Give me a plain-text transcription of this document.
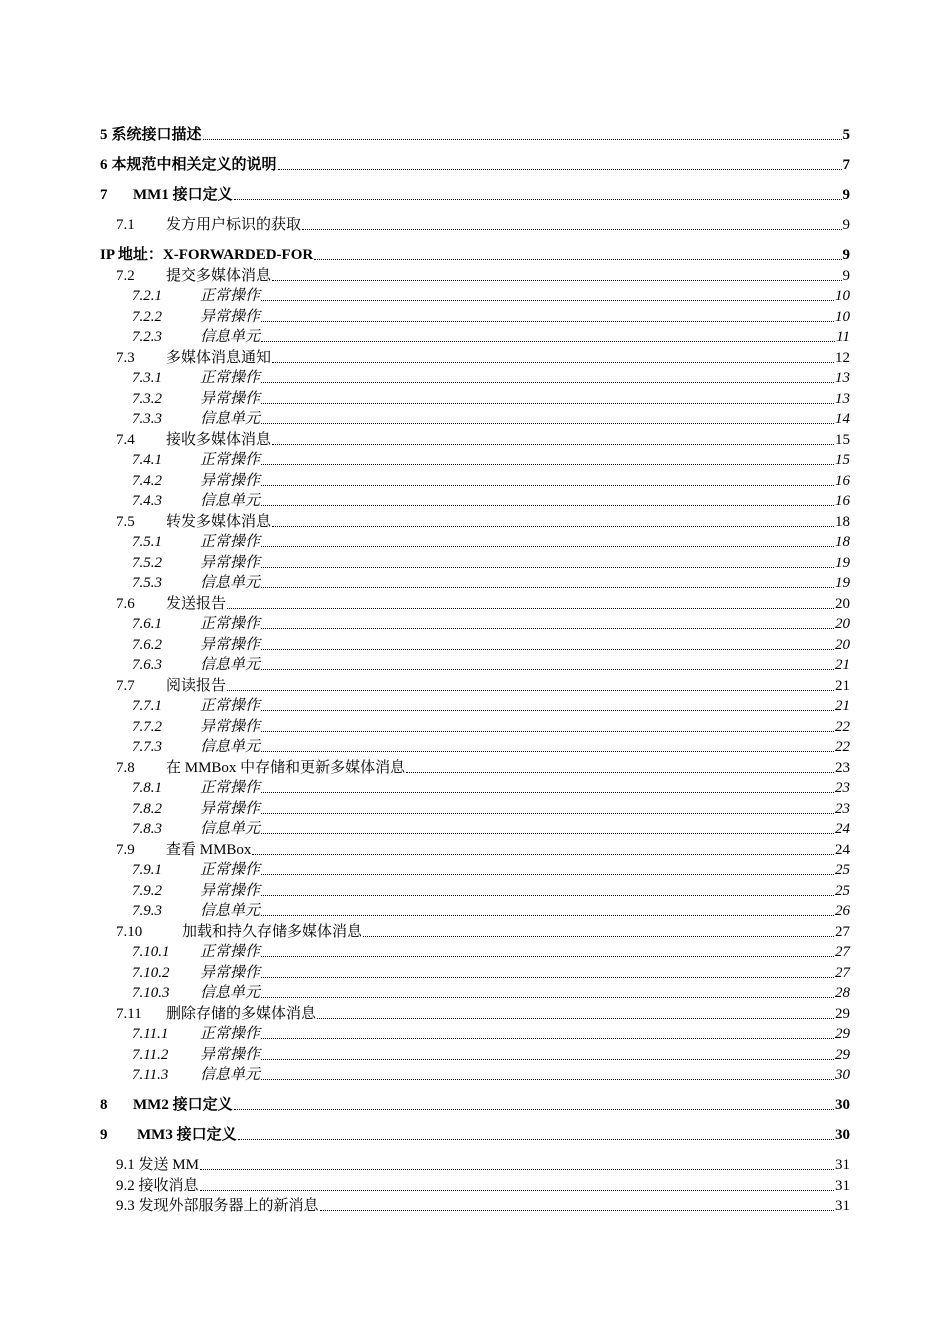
5 系统接口描述	5
6 本规范中相关定义的说明	7
7	MM1 接口定义	9
7.1	发方用户标识的获取	9
IP 地址：X-FORWARDED-FOR	9
7.2	提交多媒体消息	9
7.2.1	正常操作	10
7.2.2	异常操作	10
7.2.3	信息单元	11
7.3	多媒体消息通知	12
7.3.1	正常操作	13
7.3.2	异常操作	13
7.3.3	信息单元	14
7.4	接收多媒体消息	15
7.4.1	正常操作	15
7.4.2	异常操作	16
7.4.3	信息单元	16
7.5	转发多媒体消息	18
7.5.1	正常操作	18
7.5.2	异常操作	19
7.5.3	信息单元	19
7.6	发送报告	20
7.6.1	正常操作	20
7.6.2	异常操作	20
7.6.3	信息单元	21
7.7	阅读报告	21
7.7.1	正常操作	21
7.7.2	异常操作	22
7.7.3	信息单元	22
7.8	在 MMBox 中存储和更新多媒体消息	23
7.8.1	正常操作	23
7.8.2	异常操作	23
7.8.3	信息单元	24
7.9	查看 MMBox	24
7.9.1	正常操作	25
7.9.2	异常操作	25
7.9.3	信息单元	26
7.10	加载和持久存储多媒体消息	27
7.10.1	正常操作	27
7.10.2	异常操作	27
7.10.3	信息单元	28
7.11	删除存储的多媒体消息	29
7.11.1	正常操作	29
7.11.2	异常操作	29
7.11.3	信息单元	30
8	MM2 接口定义	30
9	MM3 接口定义	30
9.1 发送 MM	31
9.2 接收消息	31
9.3 发现外部服务器上的新消息	31
